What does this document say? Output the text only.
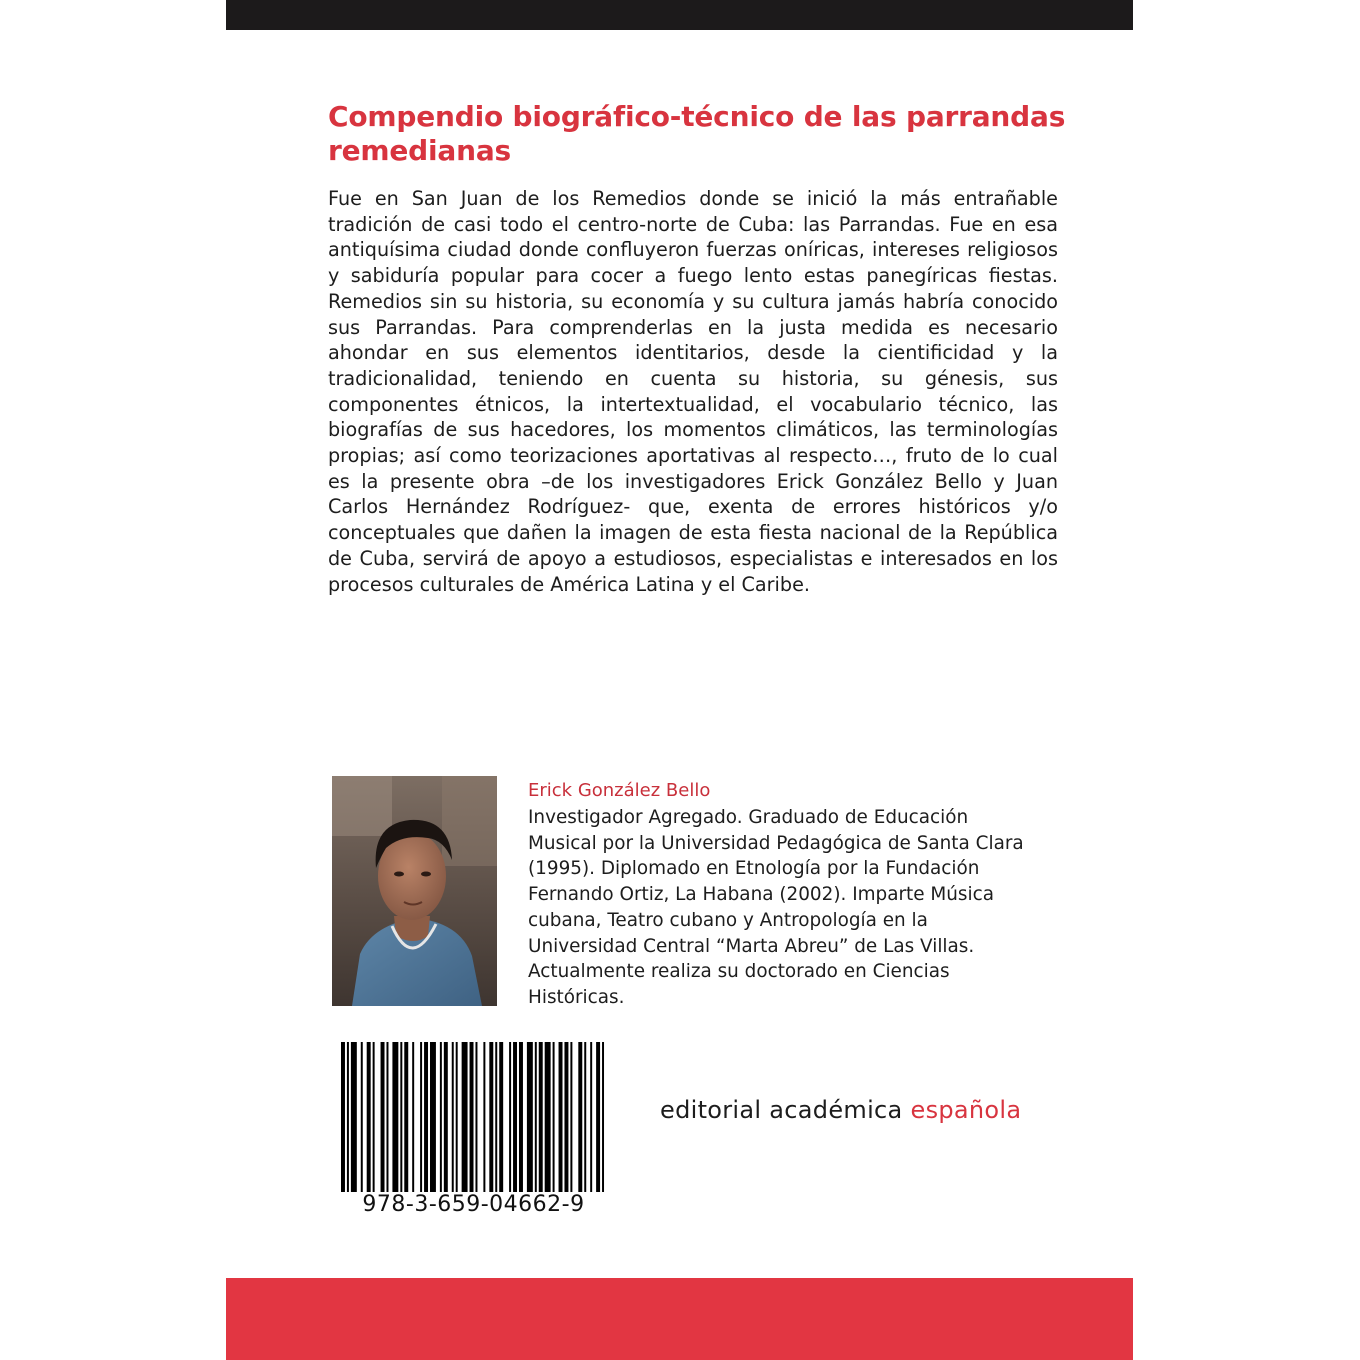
Compendio biográfico-técnico de las parrandas remedianas

Fue en San Juan de los Remedios donde se inició la más entrañable tradición de casi todo el centro-norte de Cuba: las Parrandas. Fue en esa antiquísima ciudad donde confluyeron fuerzas oníricas, intereses religiosos y sabiduría popular para cocer a fuego lento estas panegíricas fiestas. Remedios sin su historia, su economía y su cultura jamás habría conocido sus Parrandas. Para comprenderlas en la justa medida es necesario ahondar en sus elementos identitarios, desde la cientificidad y la tradicionalidad, teniendo en cuenta su historia, su génesis, sus componentes étnicos, la intertextualidad, el vocabulario técnico, las biografías de sus hacedores, los momentos climáticos, las terminologías propias; así como teorizaciones aportativas al respecto…, fruto de lo cual es la presente obra –de los investigadores Erick González Bello y Juan Carlos Hernández Rodríguez- que, exenta de errores históricos y/o conceptuales que dañen la imagen de esta fiesta nacional de la República de Cuba, servirá de apoyo a estudiosos, especialistas e interesados en los procesos culturales de América Latina y el Caribe.

Erick González Bello

Investigador Agregado. Graduado de Educación Musical por la Universidad Pedagógica de Santa Clara (1995). Diplomado en Etnología por la Fundación Fernando Ortiz, La Habana (2002). Imparte Música cubana, Teatro cubano y Antropología en la Universidad Central “Marta Abreu” de Las Villas. Actualmente realiza su doctorado en Ciencias Históricas.

978-3-659-04662-9
editorial académica española
